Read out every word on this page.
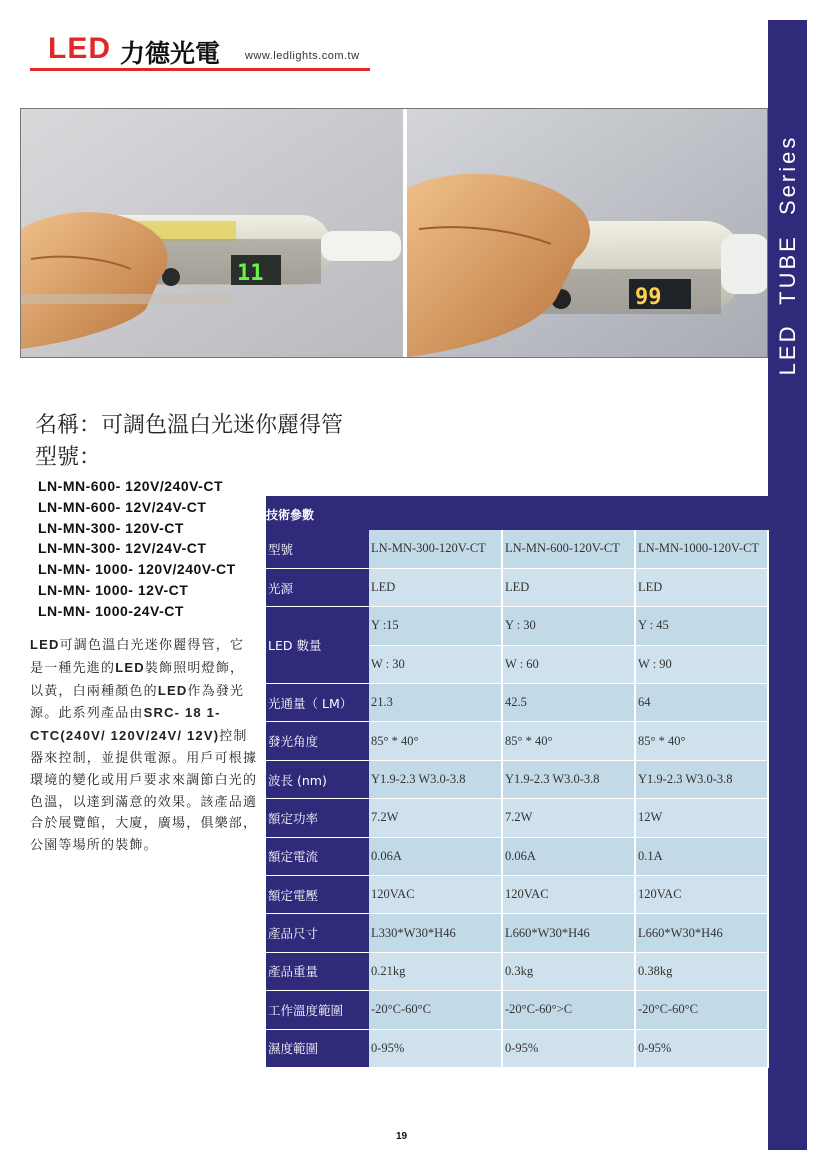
LED 力德光電 www.ledlights.com.tw
LED TUBE Series
11
99
名稱：可調色溫白光迷你麗得管
型號：
LN-MN-600- 120V/240V-CT
LN-MN-600- 12V/24V-CT
LN-MN-300- 120V-CT
LN-MN-300- 12V/24V-CT
LN-MN- 1000- 120V/240V-CT
LN-MN- 1000- 12V-CT
LN-MN- 1000-24V-CT
LED可調色溫白光迷你麗得管，它是一種先進的LED裝飾照明燈飾，以黃，白兩種顏色的LED作為發光源。此系列產品由SRC- 18 1-
CTC(240V/ 120V/24V/ 12V)控制器來控制，並提供電源。用戶可根據環境的變化或用戶要求來調節白光的色溫，以達到滿意的效果。該產品適合於展覽館，大廈，廣場，俱樂部，公園等場所的裝飾。
技術參數
型號	LN-MN-300-120V-CT	LN-MN-600-120V-CT	LN-MN-1000-120V-CT
光源	LED	LED	LED
LED 數量	Y :15	Y : 30	Y : 45
	W : 30	W : 60	W : 90
光通量（ LM）	21.3	42.5	64
發光角度	85° * 40°	85° * 40°	85° * 40°
波長 (nm)	Y1.9-2.3 W3.0-3.8	Y1.9-2.3 W3.0-3.8	Y1.9-2.3 W3.0-3.8
額定功率	7.2W	7.2W	12W
額定電流	0.06A	0.06A	0.1A
額定電壓	120VAC	120VAC	120VAC
產品尺寸	L330*W30*H46	L660*W30*H46	L660*W30*H46
產品重量	0.21kg	0.3kg	0.38kg
工作溫度範圍	-20°C-60°C	-20°C-60°>C	-20°C-60°C
濕度範圍	0-95%	0-95%	0-95%
19
